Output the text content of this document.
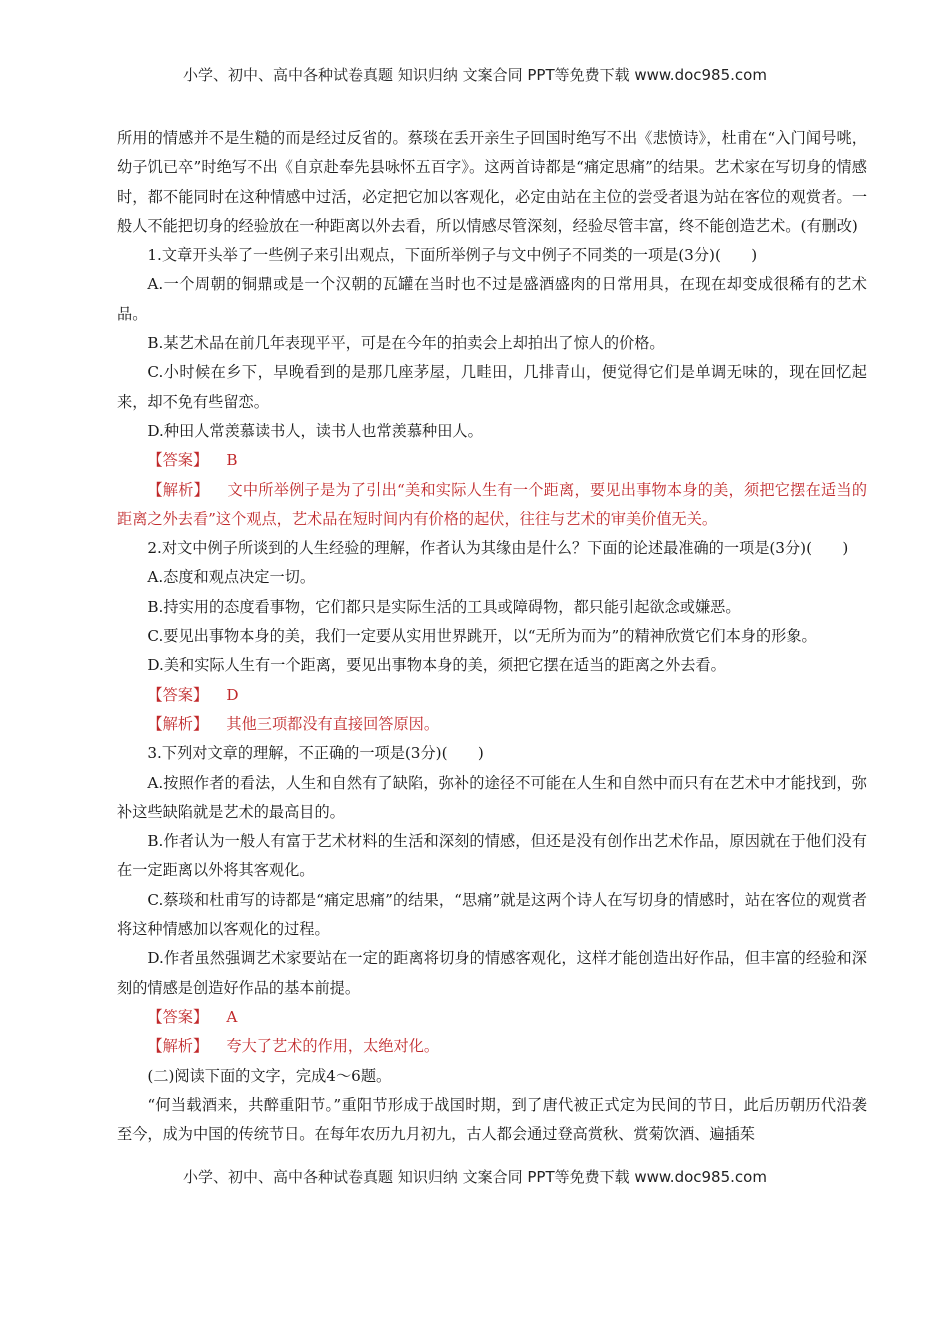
小学、初中、高中各种试卷真题 知识归纳 文案合同 PPT等免费下载 www.doc985.com

所用的情感并不是生糙的而是经过反省的。蔡琰在丢开亲生子回国时绝写不出《悲愤诗》，杜甫在“入门闻号咷，幼子饥已卒”时绝写不出《自京赴奉先县咏怀五百字》。这两首诗都是“痛定思痛”的结果。艺术家在写切身的情感时，都不能同时在这种情感中过活，必定把它加以客观化，必定由站在主位的尝受者退为站在客位的观赏者。一般人不能把切身的经验放在一种距离以外去看，所以情感尽管深刻，经验尽管丰富，终不能创造艺术。(有删改)

1.文章开头举了一些例子来引出观点，下面所举例子与文中例子不同类的一项是(3分)(　　)

A.一个周朝的铜鼎或是一个汉朝的瓦罐在当时也不过是盛酒盛肉的日常用具，在现在却变成很稀有的艺术品。

B.某艺术品在前几年表现平平，可是在今年的拍卖会上却拍出了惊人的价格。

C.小时候在乡下，早晚看到的是那几座茅屋，几畦田，几排青山，便觉得它们是单调无味的，现在回忆起来，却不免有些留恋。

D.种田人常羡慕读书人，读书人也常羡慕种田人。

【答案】 B

【解析】 文中所举例子是为了引出“美和实际人生有一个距离，要见出事物本身的美，须把它摆在适当的距离之外去看”这个观点，艺术品在短时间内有价格的起伏，往往与艺术的审美价值无关。

2.对文中例子所谈到的人生经验的理解，作者认为其缘由是什么？下面的论述最准确的一项是(3分)(　　)

A.态度和观点决定一切。

B.持实用的态度看事物，它们都只是实际生活的工具或障碍物，都只能引起欲念或嫌恶。

C.要见出事物本身的美，我们一定要从实用世界跳开，以“无所为而为”的精神欣赏它们本身的形象。

D.美和实际人生有一个距离，要见出事物本身的美，须把它摆在适当的距离之外去看。

【答案】 D

【解析】 其他三项都没有直接回答原因。

3.下列对文章的理解，不正确的一项是(3分)(　　)

A.按照作者的看法，人生和自然有了缺陷，弥补的途径不可能在人生和自然中而只有在艺术中才能找到，弥补这些缺陷就是艺术的最高目的。

B.作者认为一般人有富于艺术材料的生活和深刻的情感，但还是没有创作出艺术作品，原因就在于他们没有在一定距离以外将其客观化。

C.蔡琰和杜甫写的诗都是“痛定思痛”的结果，“思痛”就是这两个诗人在写切身的情感时，站在客位的观赏者将这种情感加以客观化的过程。

D.作者虽然强调艺术家要站在一定的距离将切身的情感客观化，这样才能创造出好作品，但丰富的经验和深刻的情感是创造好作品的基本前提。

【答案】 A

【解析】 夸大了艺术的作用，太绝对化。

(二)阅读下面的文字，完成4～6题。

“何当载酒来，共醉重阳节。”重阳节形成于战国时期，到了唐代被正式定为民间的节日，此后历朝历代沿袭至今，成为中国的传统节日。在每年农历九月初九，古人都会通过登高赏秋、赏菊饮酒、遍插茱

小学、初中、高中各种试卷真题 知识归纳 文案合同 PPT等免费下载 www.doc985.com
